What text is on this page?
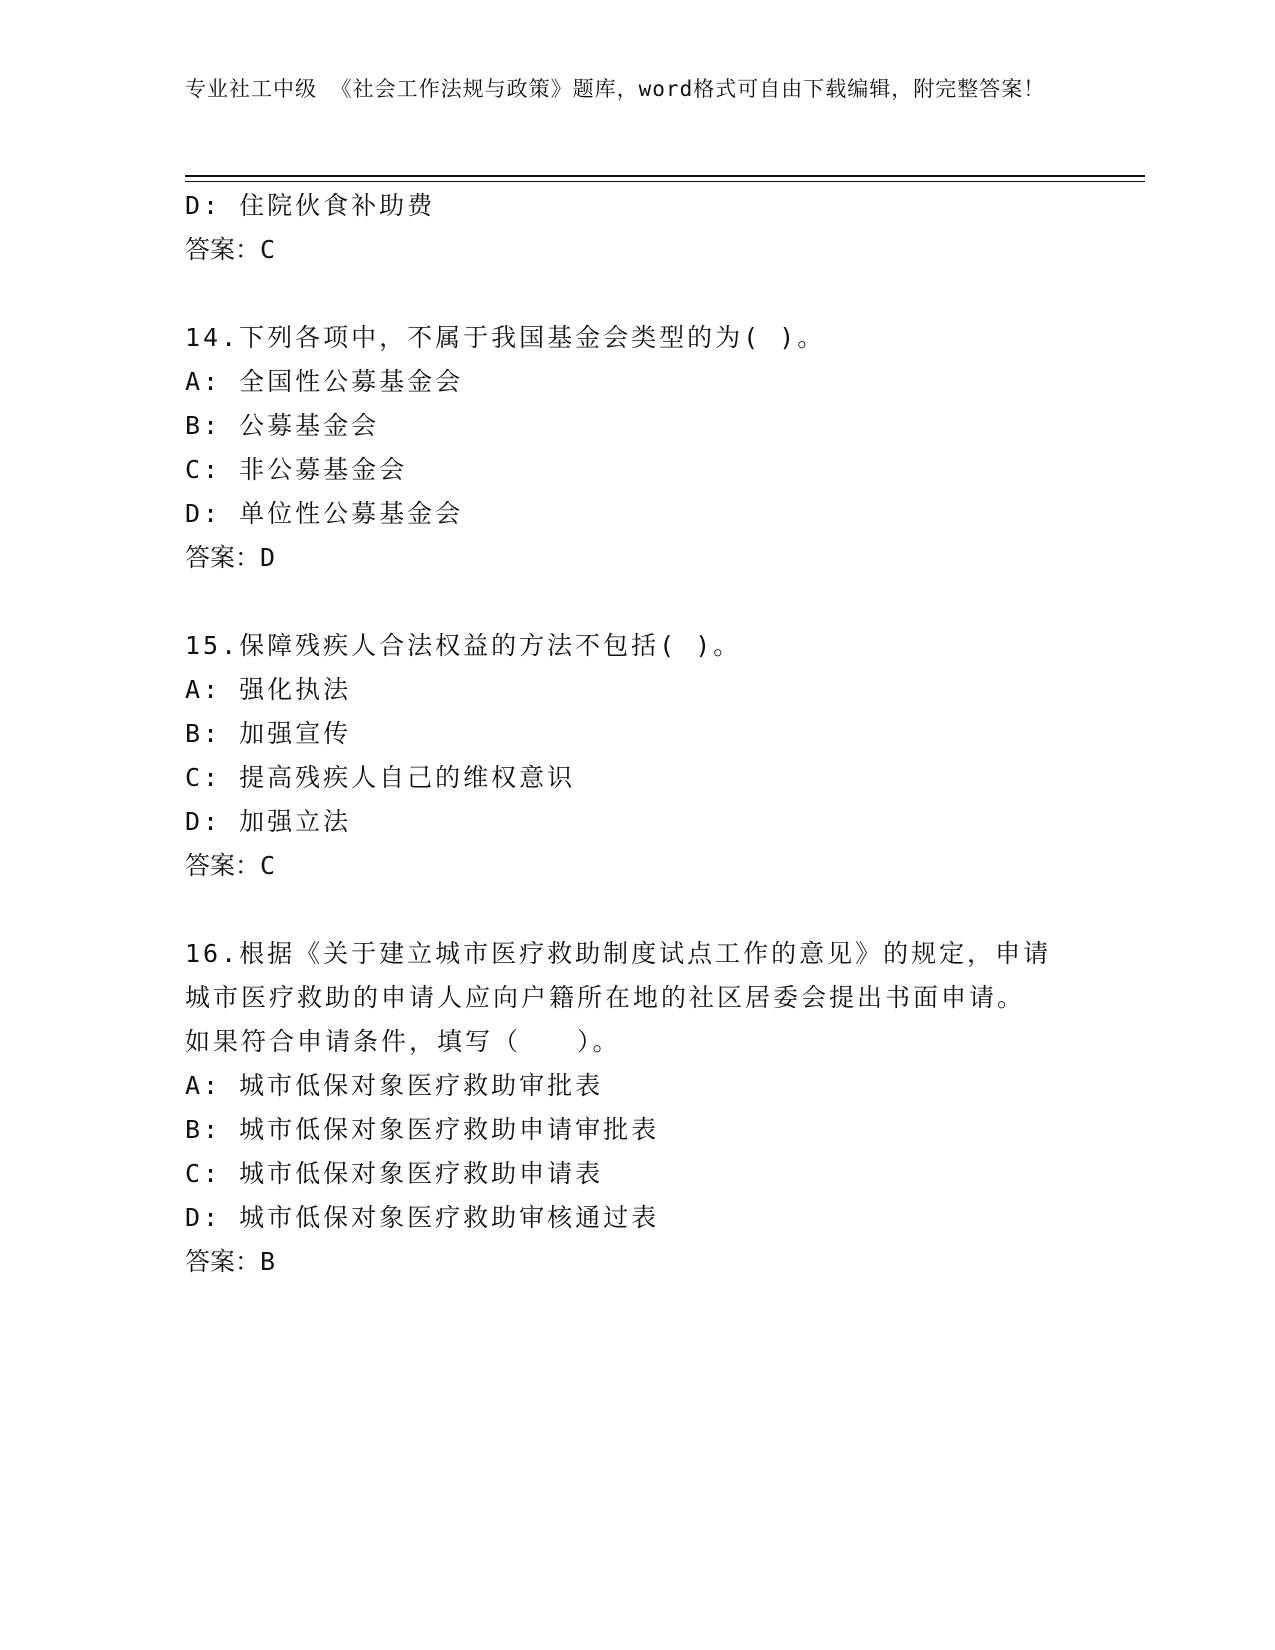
专业社工中级 《社会工作法规与政策》题库，word格式可自由下载编辑，附完整答案！
D: 住院伙食补助费
答案：C
14.下列各项中，不属于我国基金会类型的为( )。
A: 全国性公募基金会
B: 公募基金会
C: 非公募基金会
D: 单位性公募基金会
答案：D
15.保障残疾人合法权益的方法不包括( )。
A: 强化执法
B: 加强宣传
C: 提高残疾人自己的维权意识
D: 加强立法
答案：C
16.根据《关于建立城市医疗救助制度试点工作的意见》的规定，申请
城市医疗救助的申请人应向户籍所在地的社区居委会提出书面申请。
如果符合申请条件，填写（　　）。
A: 城市低保对象医疗救助审批表
B: 城市低保对象医疗救助申请审批表
C: 城市低保对象医疗救助申请表
D: 城市低保对象医疗救助审核通过表
答案：B
